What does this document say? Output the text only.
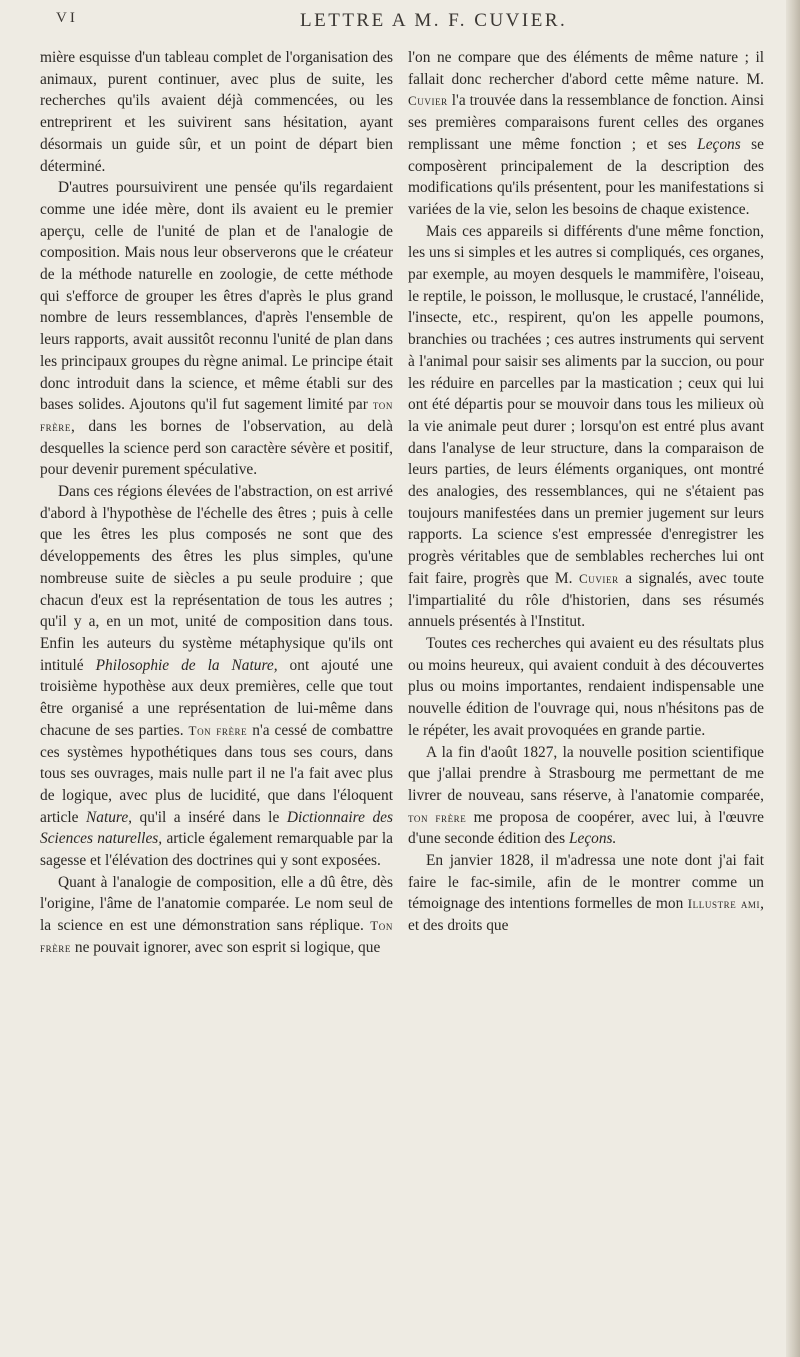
VI	LETTRE A M. F. CUVIER.

mière esquisse d'un tableau complet de l'organisation des animaux, purent continuer, avec plus de suite, les recherches qu'ils avaient déjà commencées, ou les entreprirent et les suivirent sans hésitation, ayant désormais un guide sûr, et un point de départ bien déterminé.

D'autres poursuivirent une pensée qu'ils regardaient comme une idée mère, dont ils avaient eu le premier aperçu, celle de l'unité de plan et de l'analogie de composition. Mais nous leur observerons que le créateur de la méthode naturelle en zoologie, de cette méthode qui s'efforce de grouper les êtres d'après le plus grand nombre de leurs ressemblances, d'après l'ensemble de leurs rapports, avait aussitôt reconnu l'unité de plan dans les principaux groupes du règne animal. Le principe était donc introduit dans la science, et même établi sur des bases solides. Ajoutons qu'il fut sagement limité par ton frère, dans les bornes de l'observation, au delà desquelles la science perd son caractère sévère et positif, pour devenir purement spéculative.

Dans ces régions élevées de l'abstraction, on est arrivé d'abord à l'hypothèse de l'échelle des êtres ; puis à celle que les êtres les plus composés ne sont que des développements des êtres les plus simples, qu'une nombreuse suite de siècles a pu seule produire ; que chacun d'eux est la représentation de tous les autres ; qu'il y a, en un mot, unité de composition dans tous. Enfin les auteurs du système métaphysique qu'ils ont intitulé Philosophie de la Nature, ont ajouté une troisième hypothèse aux deux premières, celle que tout être organisé a une représentation de lui-même dans chacune de ses parties. Ton frère n'a cessé de combattre ces systèmes hypothétiques dans tous ses cours, dans tous ses ouvrages, mais nulle part il ne l'a fait avec plus de logique, avec plus de lucidité, que dans l'éloquent article Nature, qu'il a inséré dans le Dictionnaire des Sciences naturelles, article également remarquable par la sagesse et l'élévation des doctrines qui y sont exposées.

Quant à l'analogie de composition, elle a dû être, dès l'origine, l'âme de l'anatomie comparée. Le nom seul de la science en est une démonstration sans réplique. Ton frère ne pouvait ignorer, avec son esprit si logique, que

l'on ne compare que des éléments de même nature ; il fallait donc rechercher d'abord cette même nature. M. Cuvier l'a trouvée dans la ressemblance de fonction. Ainsi ses premières comparaisons furent celles des organes remplissant une même fonction ; et ses Leçons se composèrent principalement de la description des modifications qu'ils présentent, pour les manifestations si variées de la vie, selon les besoins de chaque existence.

Mais ces appareils si différents d'une même fonction, les uns si simples et les autres si compliqués, ces organes, par exemple, au moyen desquels le mammifère, l'oiseau, le reptile, le poisson, le mollusque, le crustacé, l'annélide, l'insecte, etc., respirent, qu'on les appelle poumons, branchies ou trachées ; ces autres instruments qui servent à l'animal pour saisir ses aliments par la succion, ou pour les réduire en parcelles par la mastication ; ceux qui lui ont été départis pour se mouvoir dans tous les milieux où la vie animale peut durer ; lorsqu'on est entré plus avant dans l'analyse de leur structure, dans la comparaison de leurs parties, de leurs éléments organiques, ont montré des analogies, des ressemblances, qui ne s'étaient pas toujours manifestées dans un premier jugement sur leurs rapports. La science s'est empressée d'enregistrer les progrès véritables que de semblables recherches lui ont fait faire, progrès que M. Cuvier a signalés, avec toute l'impartialité du rôle d'historien, dans ses résumés annuels présentés à l'Institut.

Toutes ces recherches qui avaient eu des résultats plus ou moins heureux, qui avaient conduit à des découvertes plus ou moins importantes, rendaient indispensable une nouvelle édition de l'ouvrage qui, nous n'hésitons pas de le répéter, les avait provoquées en grande partie.

A la fin d'août 1827, la nouvelle position scientifique que j'allai prendre à Strasbourg me permettant de me livrer de nouveau, sans réserve, à l'anatomie comparée, ton frère me proposa de coopérer, avec lui, à l'œuvre d'une seconde édition des Leçons.

En janvier 1828, il m'adressa une note dont j'ai fait faire le fac-simile, afin de le montrer comme un témoignage des intentions formelles de mon Illustre ami, et des droits que
